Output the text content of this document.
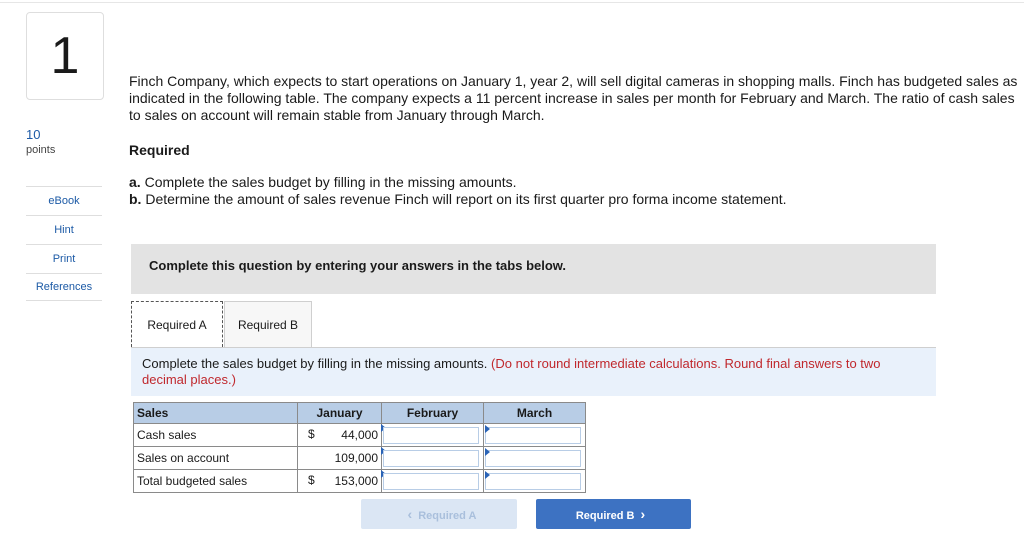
1
10
points
eBook
Hint
Print
References
Finch Company, which expects to start operations on January 1, year 2, will sell digital cameras in shopping malls. Finch has budgeted sales as indicated in the following table. The company expects a 11 percent increase in sales per month for February and March. The ratio of cash sales to sales on account will remain stable from January through March.
Required
a. Complete the sales budget by filling in the missing amounts.
b. Determine the amount of sales revenue Finch will report on its first quarter pro forma income statement.
Complete this question by entering your answers in the tabs below.
Required A	Required B
Complete the sales budget by filling in the missing amounts. (Do not round intermediate calculations. Round final answers to two decimal places.)
Sales	January	February	March
Cash sales	$ 44,000

Sales on account	109,000

Total budgeted sales	$ 153,000

‹ Required A	Required B ›
